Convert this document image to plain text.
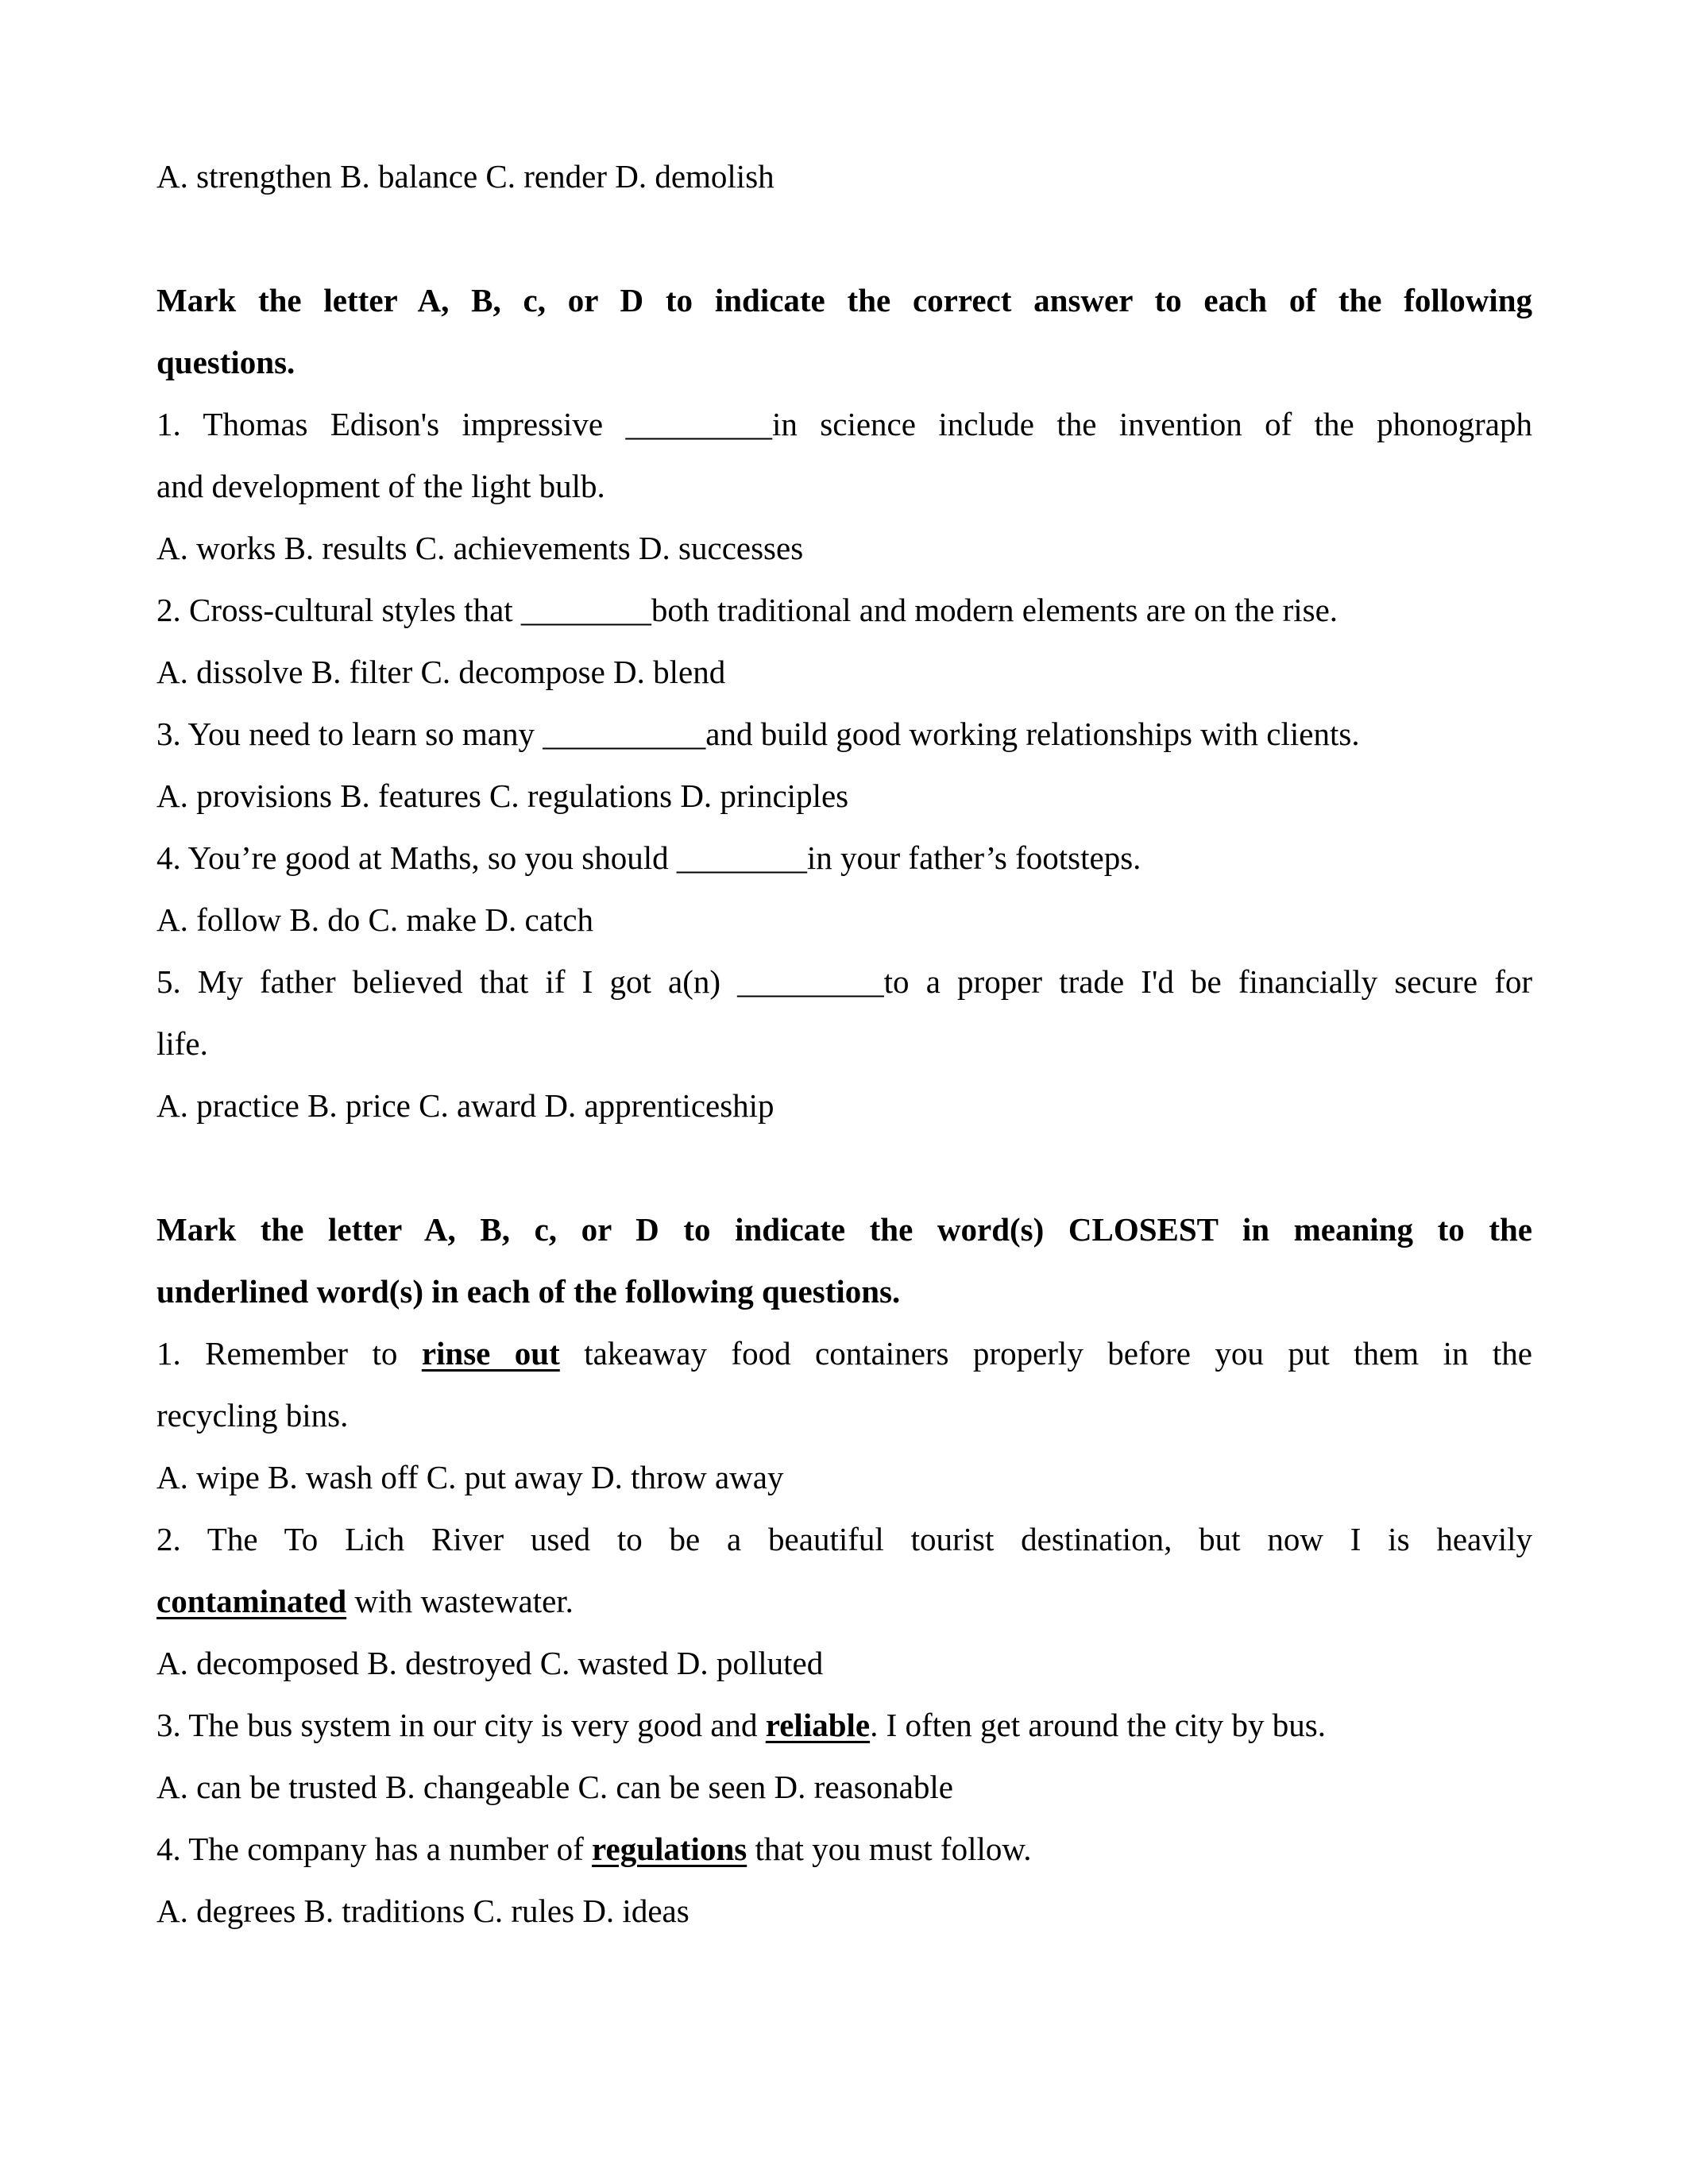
A. strengthen B. balance C. render D. demolish
Mark the letter A, B, c, or D to indicate the correct answer to each of the following
questions.
1. Thomas Edison's impressive _________in science include the invention of the phonograph
and development of the light bulb.
A. works B. results C. achievements D. successes
2. Cross-cultural styles that ________both traditional and modern elements are on the rise.
A. dissolve B. filter C. decompose D. blend
3. You need to learn so many __________and build good working relationships with clients.
A. provisions B. features C. regulations D. principles
4. You’re good at Maths, so you should ________in your father’s footsteps.
A. follow B. do C. make D. catch
5. My father believed that if I got a(n) _________to a proper trade I'd be financially secure for
life.
A. practice B. price C. award D. apprenticeship
Mark the letter A, B, c, or D to indicate the word(s) CLOSEST in meaning to the
underlined word(s) in each of the following questions.
1. Remember to rinse out takeaway food containers properly before you put them in the
recycling bins.
A. wipe B. wash off C. put away D. throw away
2. The To Lich River used to be a beautiful tourist destination, but now I is heavily
contaminated with wastewater.
A. decomposed B. destroyed C. wasted D. polluted
3. The bus system in our city is very good and reliable. I often get around the city by bus.
A. can be trusted B. changeable C. can be seen D. reasonable
4. The company has a number of regulations that you must follow.
A. degrees B. traditions C. rules D. ideas
